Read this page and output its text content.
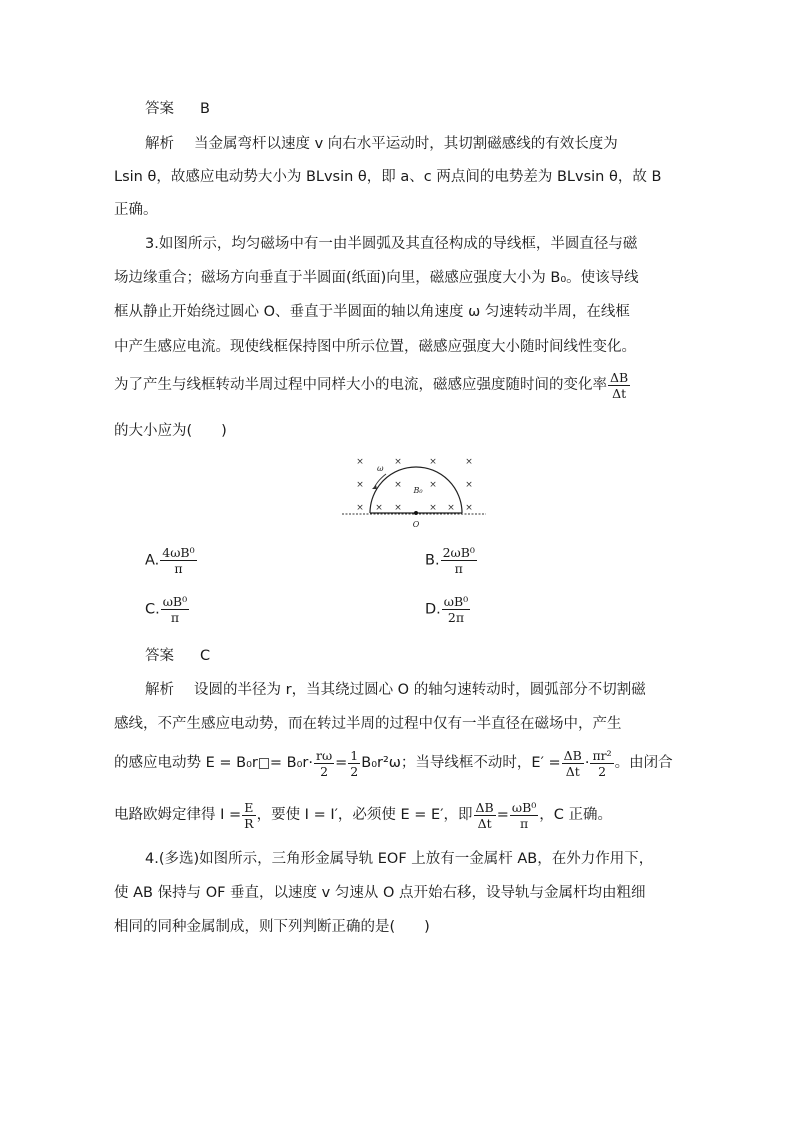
答案 B
解析 当金属弯杆以速度 v 向右水平运动时，其切割磁感线的有效长度为
Lsin θ，故感应电动势大小为 BLvsin θ，即 a、c 两点间的电势差为 BLvsin θ，故 B
正确。
3.如图所示，均匀磁场中有一由半圆弧及其直径构成的导线框，半圆直径与磁
场边缘重合；磁场方向垂直于半圆面(纸面)向里，磁感应强度大小为 B₀。使该导线
框从静止开始绕过圆心 O、垂直于半圆面的轴以角速度 ω 匀速转动半周，在线框
中产生感应电流。现使线框保持图中所示位置，磁感应强度大小随时间线性变化。
为了产生与线框转动半周过程中同样大小的电流，磁感应强度随时间的变化率 $\frac{\Delta B}{\Delta t}$
的大小应为(　　)
×	×	×	×
×	×	×	×
× × ×	× × ×
ω
B₀
O
A. $\frac{\text{4ωB⁰}}{\pi}$	B. $\frac{\text{2ωB⁰}}{\pi}$
C. $\frac{\text{ωB⁰}}{\pi}$	D. $\frac{\text{ωB⁰}}{2\pi}$
答案 C
解析 设圆的半径为 r，当其绕过圆心 O 的轴匀速转动时，圆弧部分不切割磁
感线，不产生感应电动势，而在转过半周的过程中仅有一半直径在磁场中，产生
的感应电动势 $E = B_0r = B_0r\cdot \frac{r\omega}{2} = \frac{1}{2} B_0r^2\omega$；当导线框不动时，$E' = \frac{\Delta B}{\Delta t} \cdot \frac{\text{πr²}}{2}$ 。由闭合
电路欧姆定律得 $I = \frac{E}{R}$ ，要使 I = I′，必须使 E = E′，即 $\frac{\Delta B}{\Delta t} = \frac{\text{ωB⁰}}{\pi}$ ，C 正确。
4.(多选)如图所示，三角形金属导轨 EOF 上放有一金属杆 AB，在外力作用下，
使 AB 保持与 OF 垂直，以速度 v 匀速从 O 点开始右移，设导轨与金属杆均由粗细
相同的同种金属制成，则下列判断正确的是(　　)
